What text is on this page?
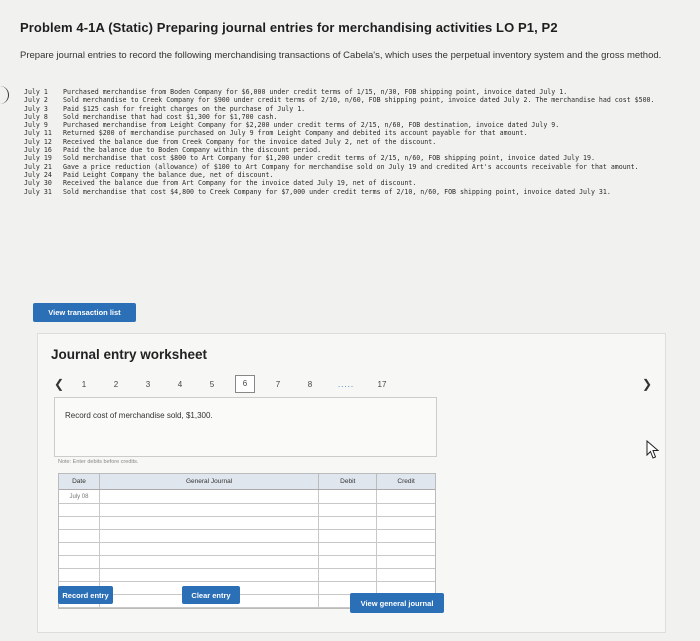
Problem 4-1A (Static) Preparing journal entries for merchandising activities LO P1, P2
Prepare journal entries to record the following merchandising transactions of Cabela's, which uses the perpetual inventory system and the gross method.
July 1	Purchased merchandise from Boden Company for $6,000 under credit terms of 1/15, n/30, FOB shipping point, invoice dated July 1.
July 2	Sold merchandise to Creek Company for $900 under credit terms of 2/10, n/60, FOB shipping point, invoice dated July 2. The merchandise had cost $500.
July 3	Paid $125 cash for freight charges on the purchase of July 1.
July 8	Sold merchandise that had cost $1,300 for $1,700 cash.
July 9	Purchased merchandise from Leight Company for $2,200 under credit terms of 2/15, n/60, FOB destination, invoice dated July 9.
July 11	Returned $200 of merchandise purchased on July 9 from Leight Company and debited its account payable for that amount.
July 12	Received the balance due from Creek Company for the invoice dated July 2, net of the discount.
July 16	Paid the balance due to Boden Company within the discount period.
July 19	Sold merchandise that cost $800 to Art Company for $1,200 under credit terms of 2/15, n/60, FOB shipping point, invoice dated July 19.
July 21	Gave a price reduction (allowance) of $100 to Art Company for merchandise sold on July 19 and credited Art's accounts receivable for that amount.
July 24	Paid Leight Company the balance due, net of discount.
July 30	Received the balance due from Art Company for the invoice dated July 19, net of discount.
July 31	Sold merchandise that cost $4,800 to Creek Company for $7,000 under credit terms of 2/10, n/60, FOB shipping point, invoice dated July 31.
View transaction list
Journal entry worksheet
❮	1	2	3	4	5	6	7	8	.....	17	❯
Record cost of merchandise sold, $1,300.
Note: Enter debits before credits.
Date	General Journal	Debit	Credit
July 08
Record entry	Clear entry
View general journal
